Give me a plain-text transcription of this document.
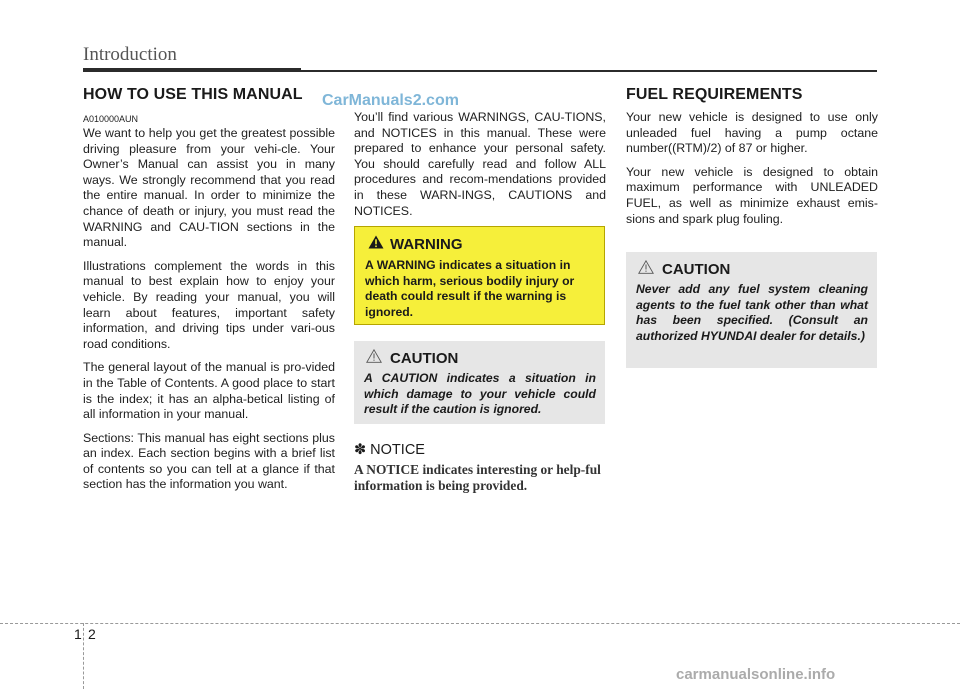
Introduction
HOW TO USE THIS MANUAL CarManuals2.com
A010000AUN

We want to help you get the greatest possible driving pleasure from your vehi-cle. Your Owner’s Manual can assist you in many ways. We strongly recommend that you read the entire manual. In order to minimize the chance of death or injury, you must read the WARNING and CAU-TION sections in the manual.

Illustrations complement the words in this manual to best explain how to enjoy your vehicle. By reading your manual, you will learn about features, important safety information, and driving tips under vari-ous road conditions.

The general layout of the manual is pro-vided in the Table of Contents. A good place to start is the index; it has an alpha-betical listing of all information in your manual.

Sections: This manual has eight sections plus an index. Each section begins with a brief list of contents so you can tell at a glance if that section has the information you want.

You’ll find various WARNINGS, CAU-TIONS, and NOTICES in this manual. These were prepared to enhance your personal safety. You should carefully read and follow ALL procedures and recom-mendations provided in these WARN-INGS, CAUTIONS and NOTICES.

WARNING
A WARNING indicates a situation in which harm, serious bodily injury or death could result if the warning is ignored.
CAUTION
A CAUTION indicates a situation in which damage to your vehicle could result if the caution is ignored.
✽ NOTICE
A NOTICE indicates interesting or help-ful information is being provided.
FUEL REQUIREMENTS

Your new vehicle is designed to use only unleaded fuel having a pump octane number((RTM)/2) of 87 or higher.

Your new vehicle is designed to obtain maximum performance with UNLEADED FUEL, as well as minimize exhaust emis-sions and spark plug fouling.

CAUTION
Never add any fuel system cleaning agents to the fuel tank other than what has been specified. (Consult an authorized HYUNDAI dealer for details.)
1 2
carmanualsonline.info
